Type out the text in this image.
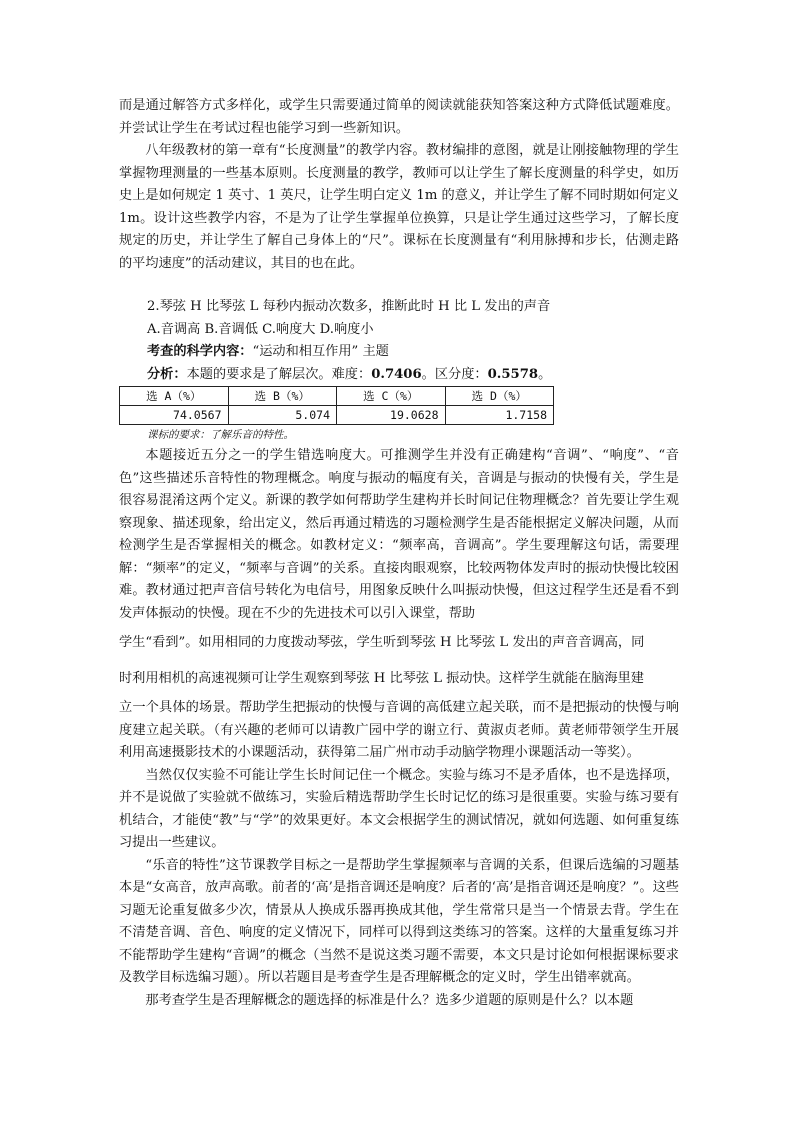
而是通过解答方式多样化，或学生只需要通过简单的阅读就能获知答案这种方式降低试题难度。并尝试让学生在考试过程也能学习到一些新知识。

八年级教材的第一章有“长度测量”的教学内容。教材编排的意图，就是让刚接触物理的学生掌握物理测量的一些基本原则。长度测量的教学，教师可以让学生了解长度测量的科学史，如历史上是如何规定 1 英寸、1 英尺，让学生明白定义 1m 的意义，并让学生了解不同时期如何定义 1m。设计这些教学内容，不是为了让学生掌握单位换算，只是让学生通过这些学习，了解长度规定的历史，并让学生了解自己身体上的“尺”。课标在长度测量有“利用脉搏和步长，估测走路的平均速度”的活动建议，其目的也在此。

2.琴弦 H 比琴弦 L 每秒内振动次数多，推断此时 H 比 L 发出的声音

A.音调高 B.音调低 C.响度大 D.响度小

考查的科学内容：“运动和相互作用” 主题

分析：本题的要求是了解层次。难度：0.7406。区分度：0.5578。

选 A（%）	选 B（%）	选 C（%）	选 D（%）
74.0567	5.074	19.0628	1.7158

课标的要求：了解乐音的特性。

本题接近五分之一的学生错选响度大。可推测学生并没有正确建构“音调”、“响度”、“音色”这些描述乐音特性的物理概念。响度与振动的幅度有关，音调是与振动的快慢有关，学生是很容易混淆这两个定义。新课的教学如何帮助学生建构并长时间记住物理概念？首先要让学生观察现象、描述现象，给出定义，然后再通过精选的习题检测学生是否能根据定义解决问题，从而检测学生是否掌握相关的概念。如教材定义：“频率高，音调高”。学生要理解这句话，需要理解：“频率”的定义，“频率与音调”的关系。直接肉眼观察，比较两物体发声时的振动快慢比较困难。教材通过把声音信号转化为电信号，用图象反映什么叫振动快慢，但这过程学生还是看不到发声体振动的快慢。现在不少的先进技术可以引入课堂，帮助

学生“看到”。如用相同的力度拨动琴弦，学生听到琴弦 H 比琴弦 L 发出的声音音调高，同

时利用相机的高速视频可让学生观察到琴弦 H 比琴弦 L 振动快。这样学生就能在脑海里建

立一个具体的场景。帮助学生把振动的快慢与音调的高低建立起关联，而不是把振动的快慢与响度建立起关联。（有兴趣的老师可以请教广园中学的谢立行、黄淑贞老师。黄老师带领学生开展利用高速摄影技术的小课题活动，获得第二届广州市动手动脑学物理小课题活动一等奖）。

当然仅仅实验不可能让学生长时间记住一个概念。实验与练习不是矛盾体，也不是选择项，并不是说做了实验就不做练习，实验后精选帮助学生长时记忆的练习是很重要。实验与练习要有机结合，才能使“教”与“学”的效果更好。本文会根据学生的测试情况，就如何选题、如何重复练习提出一些建议。

“乐音的特性”这节课教学目标之一是帮助学生掌握频率与音调的关系，但课后选编的习题基本是“女高音，放声高歌。前者的‘高’是指音调还是响度？后者的‘高’是指音调还是响度？”。这些习题无论重复做多少次，情景从人换成乐器再换成其他，学生常常只是当一个情景去背。学生在不清楚音调、音色、响度的定义情况下，同样可以得到这类练习的答案。这样的大量重复练习并不能帮助学生建构“音调”的概念（当然不是说这类习题不需要，本文只是讨论如何根据课标要求及教学目标选编习题）。所以若题目是考查学生是否理解概念的定义时，学生出错率就高。

那考查学生是否理解概念的题选择的标准是什么？选多少道题的原则是什么？以本题
